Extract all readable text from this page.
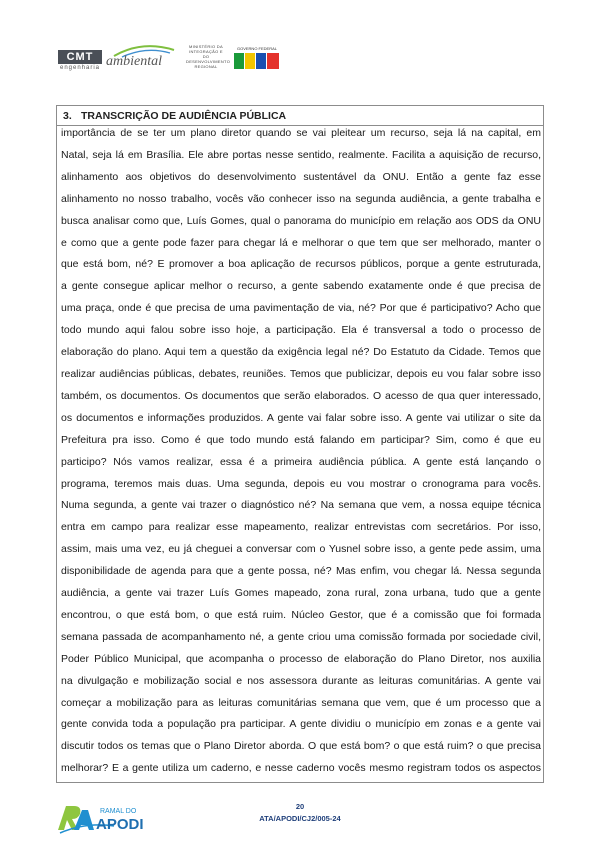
CMT
engenharia ambiental
MINISTÉRIO DA
INTEGRAÇÃO E DO
DESENVOLVIMENTO
REGIONAL
GOVERNO FEDERAL
3. TRANSCRIÇÃO DE AUDIÊNCIA PÚBLICA
importância de se ter um plano diretor quando se vai pleitear um recurso, seja lá na capital, em
Natal, seja lá em Brasília. Ele abre portas nesse sentido, realmente. Facilita a aquisição de recurso,
alinhamento aos objetivos do desenvolvimento sustentável da ONU. Então a gente faz esse
alinhamento no nosso trabalho, vocês vão conhecer isso na segunda audiência, a gente trabalha e
busca analisar como que, Luís Gomes, qual o panorama do município em relação aos ODS da ONU
e como que a gente pode fazer para chegar lá e melhorar o que tem que ser melhorado, manter o
que está bom, né? E promover a boa aplicação de recursos públicos, porque a gente estruturada,
a gente consegue aplicar melhor o recurso, a gente sabendo exatamente onde é que precisa de
uma praça, onde é que precisa de uma pavimentação de via, né? Por que é participativo? Acho que
todo mundo aqui falou sobre isso hoje, a participação. Ela é transversal a todo o processo de
elaboração do plano. Aqui tem a questão da exigência legal né? Do Estatuto da Cidade. Temos que
realizar audiências públicas, debates, reuniões. Temos que publicizar, depois eu vou falar sobre isso
também, os documentos. Os documentos que serão elaborados. O acesso de qua quer interessado,
os documentos e informações produzidos. A gente vai falar sobre isso. A gente vai utilizar o site da
Prefeitura pra isso. Como é que todo mundo está falando em participar? Sim, como é que eu
participo? Nós vamos realizar, essa é a primeira audiência pública. A gente está lançando o
programa, teremos mais duas. Uma segunda, depois eu vou mostrar o cronograma para vocês.
Numa segunda, a gente vai trazer o diagnóstico né? Na semana que vem, a nossa equipe técnica
entra em campo para realizar esse mapeamento, realizar entrevistas com secretários. Por isso,
assim, mais uma vez, eu já cheguei a conversar com o Yusnel sobre isso, a gente pede assim, uma
disponibilidade de agenda para que a gente possa, né? Mas enfim, vou chegar lá. Nessa segunda
audiência, a gente vai trazer Luís Gomes mapeado, zona rural, zona urbana, tudo que a gente
encontrou, o que está bom, o que está ruim. Núcleo Gestor, que é a comissão que foi formada
semana passada de acompanhamento né, a gente criou uma comissão formada por sociedade civil,
Poder Público Municipal, que acompanha o processo de elaboração do Plano Diretor, nos auxilia
na divulgação e mobilização social e nos assessora durante as leituras comunitárias. A gente vai
começar a mobilização para as leituras comunitárias semana que vem, que é um processo que a
gente convida toda a população pra participar. A gente dividiu o município em zonas e a gente vai
discutir todos os temas que o Plano Diretor aborda. O que está bom? o que está ruim? o que precisa
melhorar? E a gente utiliza um caderno, e nesse caderno vocês mesmo registram todos os aspectos
RAMAL DO
APODI
20
ATA/APODI/CJ2/005-24
